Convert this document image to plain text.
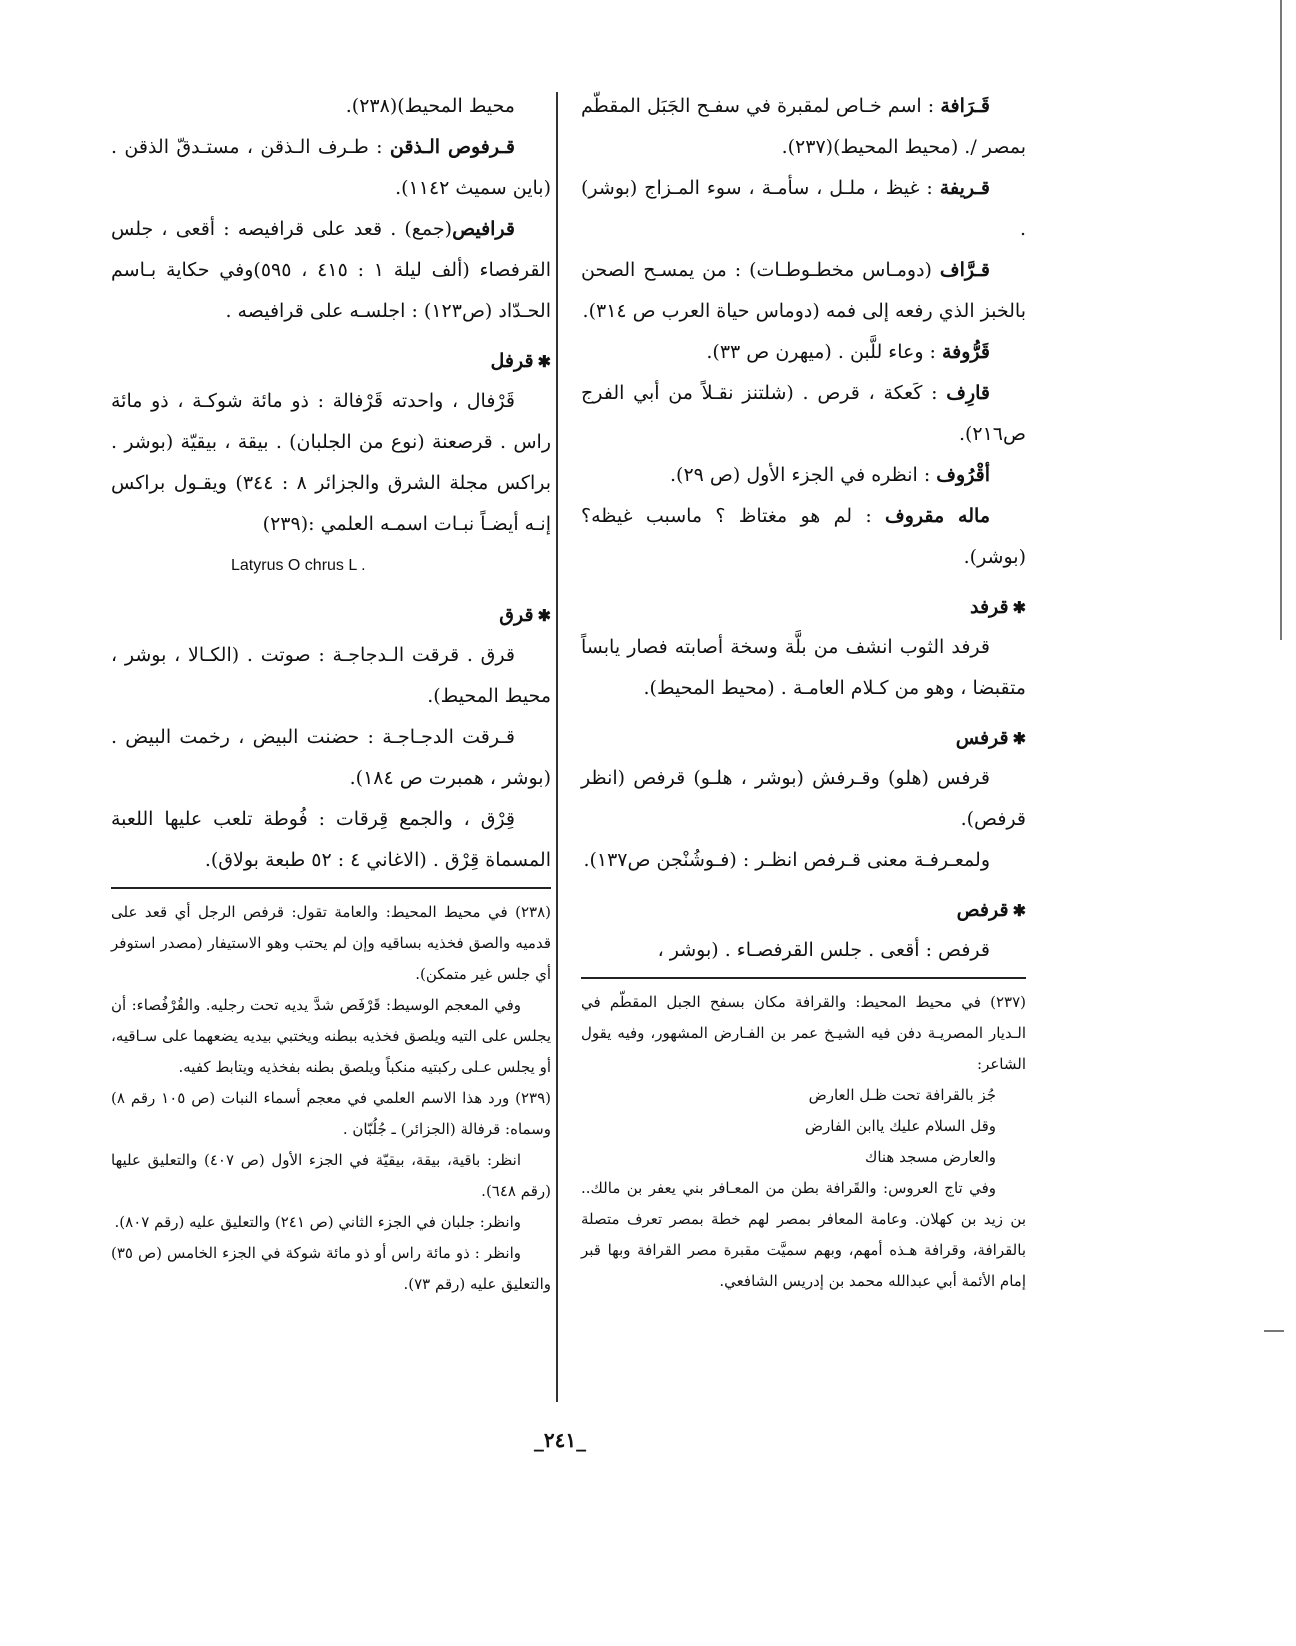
قَـرَافة : اسم خـاص لمقبرة في سفـح الجَبَل المقطّم بمصر /. (محيط المحيط)(٢٣٧).

قـريفة : غيظ ، ملـل ، سأمـة ، سوء المـزاج (بوشر) .

قـرَّاف (دومـاس مخطـوطـات) : من يمسـح الصحن بالخبز الذي رفعه إلى فمه (دوماس حياة العرب ص ٣١٤).

قَرُّوفة : وعاء للَّبن . (ميهرن ص ٣٣).

قارِف : كَعكة ، قرص . (شلتنز نقـلاً من أبي الفرج ص٢١٦).

أقْرُوف : انظره في الجزء الأول (ص ٢٩).

ماله مقروف : لم هو مغتاظ ؟ ماسبب غيظه؟ (بوشر).

✱قرفد

قرفد الثوب انشف من بلَّة وسخة أصابته فصار يابساً متقبضا ، وهو من كـلام العامـة . (محيط المحيط).

✱قرفس

قرفس (هلو) وقـرفش (بوشر ، هلـو) قرفص (انظر قرفص).

ولمعـرفـة معنى قـرفص انظـر : (فـوشُنْجن ص١٣٧).

✱قرفص

قرفص : أقعى . جلس القرفصـاء . (بوشر ،

(٢٣٧) في محيط المحيط: والقرافة مكان بسفح الجبل المقطّم في الـديار المصريـة دفن فيه الشيـخ عمر بن الفـارض المشهور، وفيه يقول الشاعر:

جُز بالقرافة تحت ظـل العارض

وقل السلام عليك ياابن الفارض

والعارض مسجد هناك

وفي تاج العروس: والقَرافة بطن من المعـافر بني يعفر بن مالك.. بن زيد بن كهلان. وعامة المعافر بمصر لهم خطة بمصر تعرف متصلة بالقرافة، وقرافة هـذه أمهم، وبهم سميَّت مقبرة مصر القرافة وبها قبر إمام الأئمة أبي عبدالله محمد بن إدريس الشافعي.

محيط المحيط)(٢٣٨).

قـرفوص الـذقن : طـرف الـذقن ، مستـدقّ الذقن . (باين سميث ١١٤٢).

قرافيص(جمع) . قعد على قرافيصه : أقعى ، جلس القرفصاء (ألف ليلة ١ : ٤١٥ ، ٥٩٥)وفي حكاية بـاسم الحـدّاد (ص١٢٣) : اجلسـه على قرافيصه .

✱قرفل

قَرْفال ، واحدته قَرْفالة : ذو مائة شوكـة ، ذو مائة راس . قرصعنة (نوع من الجلبان) . بيقة ، بيقيّة (بوشر . براكس مجلة الشرق والجزائر ٨ : ٣٤٤) ويقـول براكس إنـه أيضـاً نبـات اسمـه العلمي :(٢٣٩)

Latyrus O chrus L .

✱قرق

قرق . قرقت الـدجاجـة : صوتت . (الكـالا ، بوشر ، محيط المحيط).

قـرقت الدجـاجـة : حضنت البيض ، رخمت البيض . (بوشر ، همبرت ص ١٨٤).

قِرْق ، والجمع قِرقات : فُوطة تلعب عليها اللعبة المسماة قِرْق . (الاغاني ٤ : ٥٢ طبعة بولاق).

(٢٣٨) في محيط المحيط: والعامة تقول: قرفص الرجل أي قعد على قدميه والصق فخذيه بساقيه وإن لم يحتب وهو الاستيفار (مصدر استوفر أي جلس غير متمكن).

وفي المعجم الوسيط: قَرْفَص شدَّ يديه تحت رجليه. والقُرْفُصاء: أن يجلس على التيه ويلصق فخذيه ببطنه ويختبي بيديه يضعهما على سـاقيه، أو يجلس عـلى ركبتيه منكباً ويلصق بطنه بفخذيه ويتابط كفيه.

(٢٣٩) ورد هذا الاسم العلمي في معجم أسماء النبات (ص ١٠٥ رقم ٨) وسماه: قرفالة (الجزائر) ـ جُلُبّان .

انظر: باقية، بيقة، بيقيّة في الجزء الأول (ص ٤٠٧) والتعليق عليها (رقم ٦٤٨).

وانظر: جلبان في الجزء الثاني (ص ٢٤١) والتعليق عليه (رقم ٨٠٧).

وانظر : ذو مائة راس أو ذو مائة شوكة في الجزء الخامس (ص ٣٥) والتعليق عليه (رقم ٧٣).

_٢٤١_
